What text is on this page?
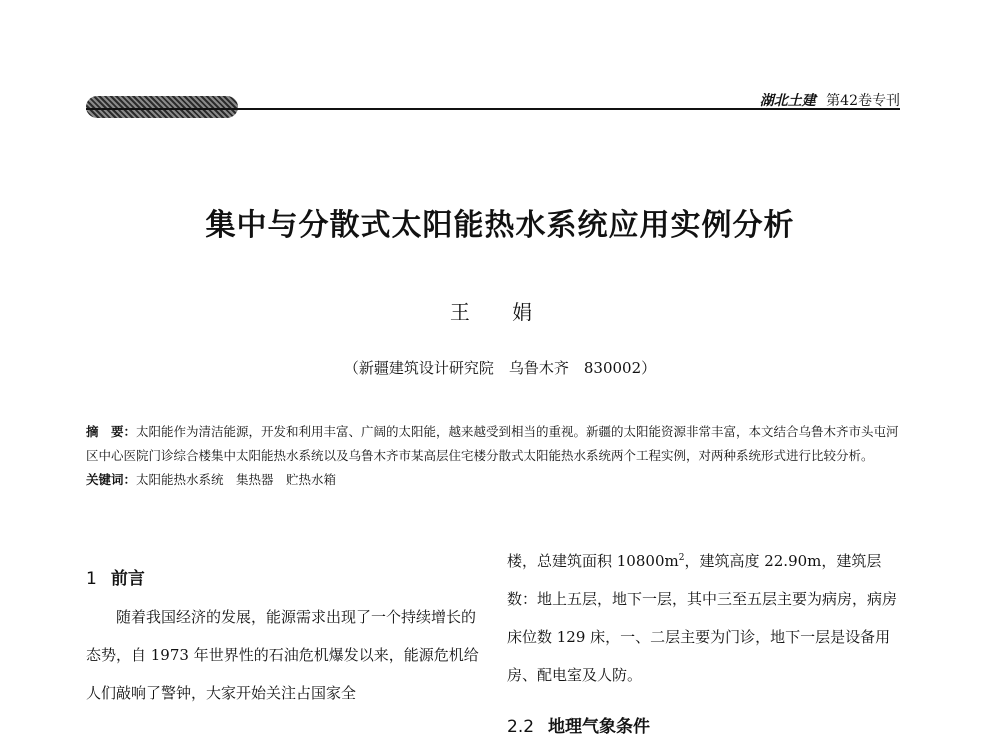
湖北土建 第42卷专刊
集中与分散式太阳能热水系统应用实例分析
王 娟
（新疆建筑设计研究院　乌鲁木齐　830002）

摘　要：太阳能作为清洁能源，开发和利用丰富、广阔的太阳能，越来越受到相当的重视。新疆的太阳能资源非常丰富，本文结合乌鲁木齐市头屯河区中心医院门诊综合楼集中太阳能热水系统以及乌鲁木齐市某高层住宅楼分散式太阳能热水系统两个工程实例，对两种系统形式进行比较分析。

关键词：太阳能热水系统　集热器　贮热水箱

1 前言

随着我国经济的发展，能源需求出现了一个持续增长的态势，自 1973 年世界性的石油危机爆发以来，能源危机给人们敲响了警钟，大家开始关注占国家全

楼，总建筑面积 $10800m^2$，建筑高度 22.90m，建筑层数：地上五层，地下一层，其中三至五层主要为病房，病房床位数 129 床，一、二层主要为门诊，地下一层是设备用房、配电室及人防。

2.2 地理气象条件
